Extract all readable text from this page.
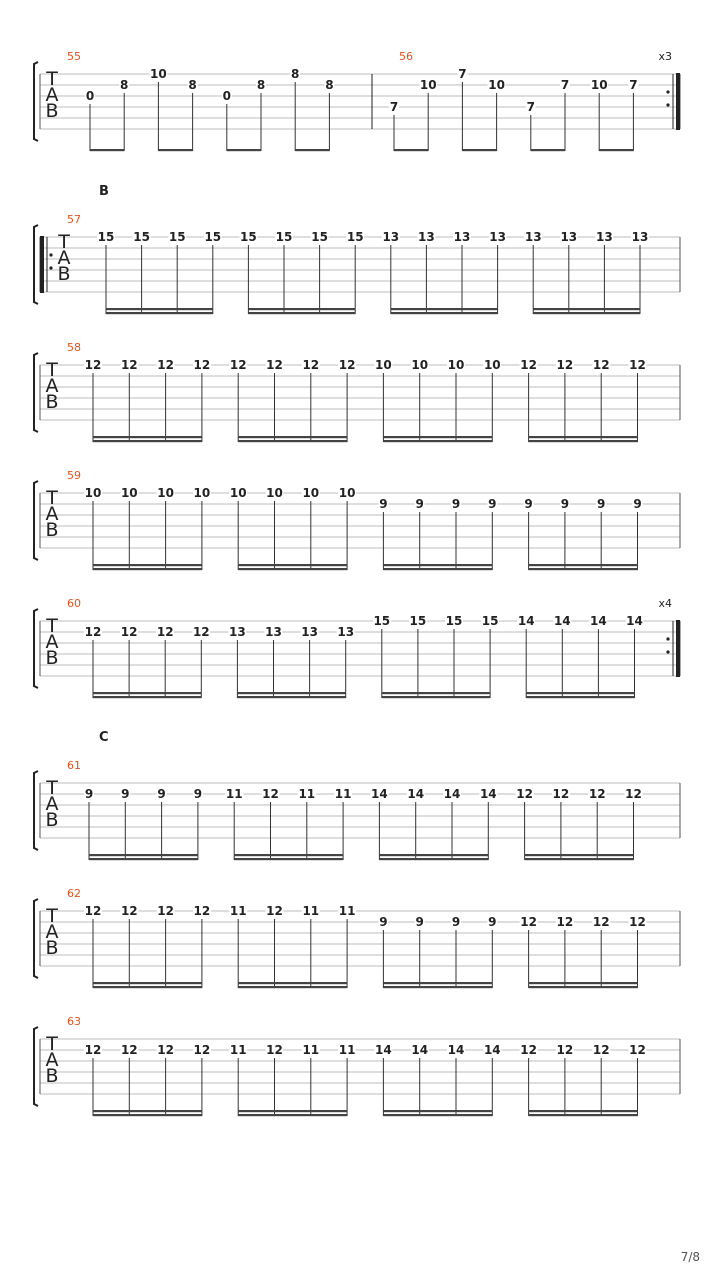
T
A
B
55
0
8
10
8
0
8
8
8
56	x3
7
10
7
10
7
7 10 7
B
T
A
B
57
15 15 15 15 15 15 15 15 13 13 13 13 13 13 13 13
T
A
B
58
12 12 12 12 12 12 12 12 10 10 10 10 12 12 12 12
T
A
B
59
10 10 10 10 10 10 10 10
9 9 9 9 9 9 9 9
T
A
B
60	x4
12 12 12 12 13 13 13 13
15 15 15 15 14 14 14 14
C
T
A
B
61
9 9 9 9 11 12 11 11 14 14 14 14 12 12 12 12
T
A
B
62
12 12 12 12 11 12 11 11
9 9 9 9 12 12 12 12
T
A
B
63
12 12 12 12 11 12 11 11 14 14 14 14 12 12 12 12
7/8
